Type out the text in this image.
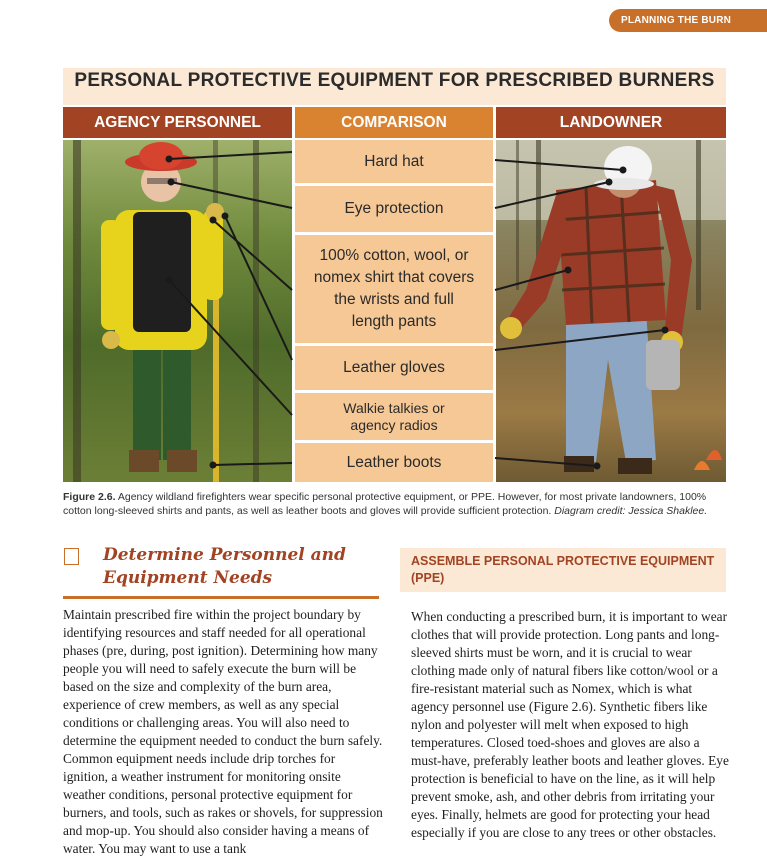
PLANNING THE BURN
PERSONAL PROTECTIVE EQUIPMENT FOR PRESCRIBED BURNERS
AGENCY PERSONNEL	COMPARISON	LANDOWNER
Hard hat
Eye protection
100% cotton, wool, or nomex shirt that covers the wrists and full length pants
Leather gloves
Walkie talkies or agency radios
Leather boots
Figure 2.6. Agency wildland firefighters wear specific personal protective equipment, or PPE. However, for most private landowners, 100% cotton long-sleeved shirts and pants, as well as leather boots and gloves will provide sufficient protection. Diagram credit: Jessica Shaklee.
Determine Personnel and Equipment Needs
Maintain prescribed fire within the project boundary by identifying resources and staff needed for all operational phases (pre, during, post ignition). Determining how many people you will need to safely execute the burn will be based on the size and complexity of the burn area, experience of crew members, as well as any special conditions or challenging areas. You will also need to determine the equipment needed to conduct the burn safely. Common equipment needs include drip torches for ignition, a weather instrument for monitoring onsite weather conditions, personal protective equipment for burners, and tools, such as rakes or shovels, for suppression and mop-up. You should also consider having a means of water. You may want to use a tank
ASSEMBLE PERSONAL PROTECTIVE EQUIPMENT (PPE)
When conducting a prescribed burn, it is important to wear clothes that will provide protection. Long pants and long-sleeved shirts must be worn, and it is crucial to wear clothing made only of natural fibers like cotton/wool or a fire-resistant material such as Nomex, which is what agency personnel use (Figure 2.6). Synthetic fibers like nylon and polyester will melt when exposed to high temperatures. Closed toed-shoes and gloves are also a must-have, preferably leather boots and leather gloves. Eye protection is beneficial to have on the line, as it will help prevent smoke, ash, and other debris from irritating your eyes. Finally, helmets are good for protecting your head especially if you are close to any trees or other obstacles.
